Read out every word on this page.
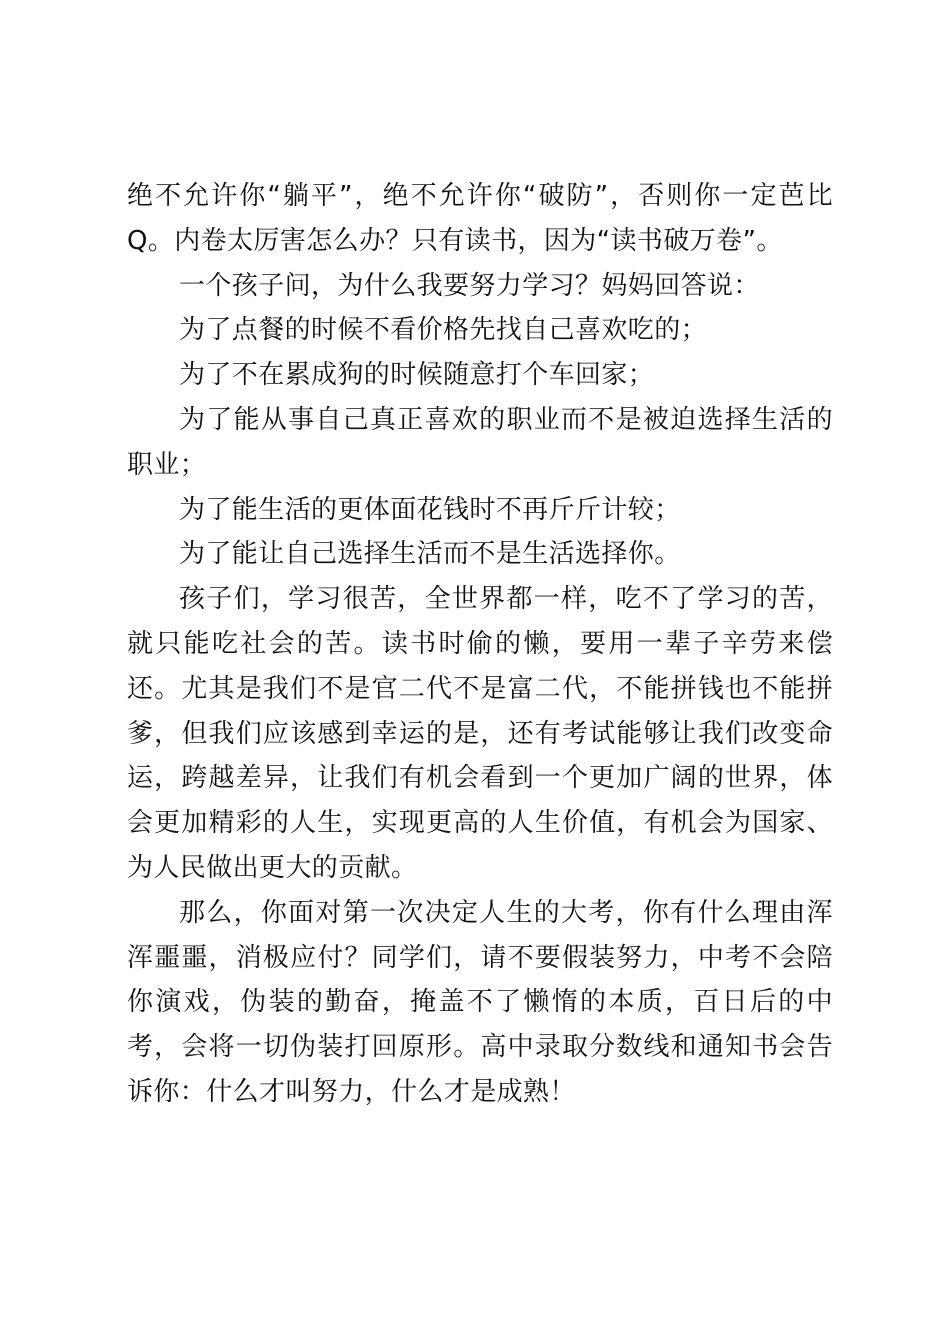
绝不允许你“躺平”，绝不允许你“破防”，否则你一定芭比Q。内卷太厉害怎么办？只有读书，因为“读书破万卷”。

一个孩子问，为什么我要努力学习？妈妈回答说：

为了点餐的时候不看价格先找自己喜欢吃的；

为了不在累成狗的时候随意打个车回家；

为了能从事自己真正喜欢的职业而不是被迫选择生活的职业；

为了能生活的更体面花钱时不再斤斤计较；

为了能让自己选择生活而不是生活选择你。

孩子们，学习很苦，全世界都一样，吃不了学习的苦，就只能吃社会的苦。读书时偷的懒，要用一辈子辛劳来偿还。尤其是我们不是官二代不是富二代，不能拼钱也不能拼爹，但我们应该感到幸运的是，还有考试能够让我们改变命运，跨越差异，让我们有机会看到一个更加广阔的世界，体会更加精彩的人生，实现更高的人生价值，有机会为国家、为人民做出更大的贡献。

那么，你面对第一次决定人生的大考，你有什么理由浑浑噩噩，消极应付？同学们，请不要假装努力，中考不会陪你演戏，伪装的勤奋，掩盖不了懒惰的本质，百日后的中考，会将一切伪装打回原形。高中录取分数线和通知书会告诉你：什么才叫努力，什么才是成熟！
